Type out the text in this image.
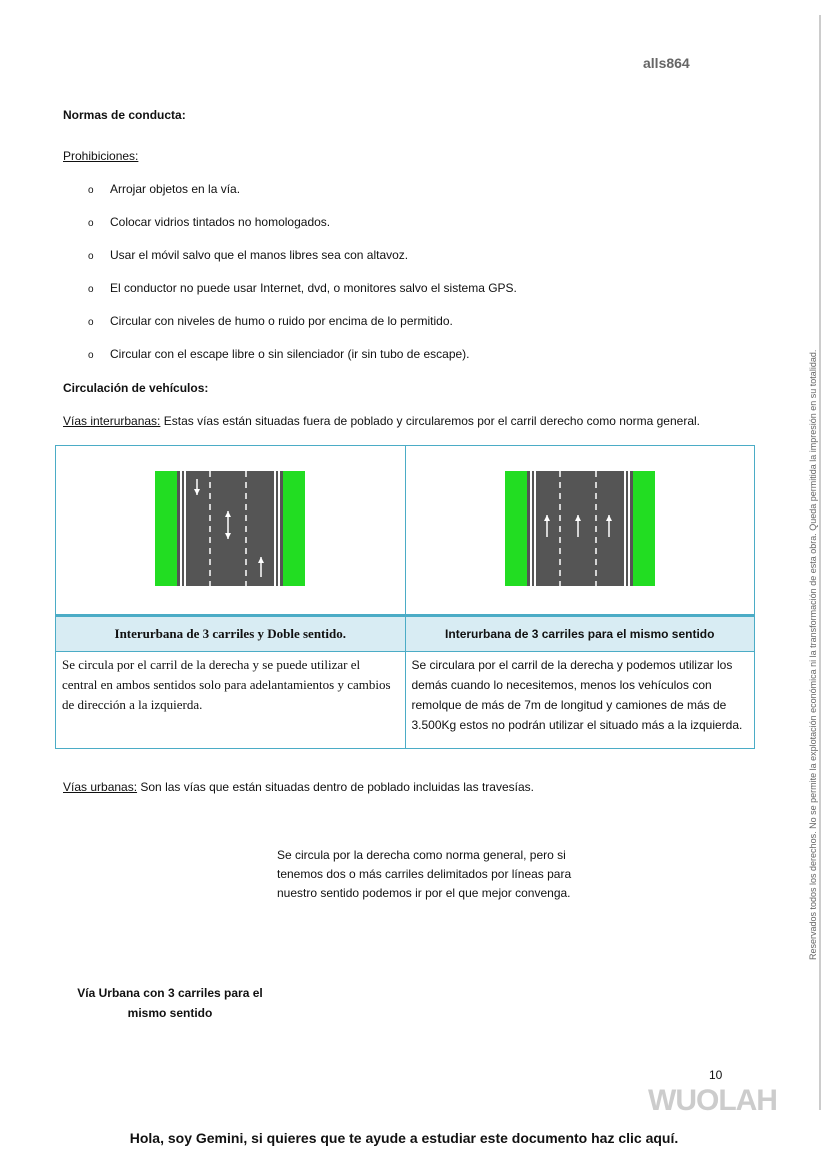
alls864
Normas de conducta:
Prohibiciones:
o Arrojar objetos en la vía.
o Colocar vidrios tintados no homologados.
o Usar el móvil salvo que el manos libres sea con altavoz.
o El conductor no puede usar Internet, dvd, o monitores salvo el sistema GPS.
o Circular con niveles de humo o ruido por encima de lo permitido.
o Circular con el escape libre o sin silenciador (ir sin tubo de escape).
Circulación de vehículos:
Vías interurbanas: Estas vías están situadas fuera de poblado y circularemos por el carril derecho como norma general.

Interurbana de 3 carriles y Doble sentido.	Interurbana de 3 carriles para el mismo sentido
Se circula por el carril de la derecha y se puede utilizar el central en ambos sentidos solo para adelantamientos y cambios de dirección a la izquierda.	Se circulara por el carril de la derecha y podemos utilizar los demás cuando lo necesitemos, menos los vehículos con remolque de más de 7m de longitud y camiones de más de 3.500Kg estos no podrán utilizar el situado más a la izquierda.
Vías urbanas: Son las vías que están situadas dentro de poblado incluidas las travesías.
Se circula por la derecha como norma general, pero si tenemos dos o más carriles delimitados por líneas para nuestro sentido podemos ir por el que mejor convenga.
Vía Urbana con 3 carriles para el mismo sentido
Reservados todos los derechos. No se permite la explotación económica ni la transformación de esta obra. Queda permitida la impresión en su totalidad.
10
WUOLAH
Hola, soy Gemini, si quieres que te ayude a estudiar este documento haz clic aquí.
